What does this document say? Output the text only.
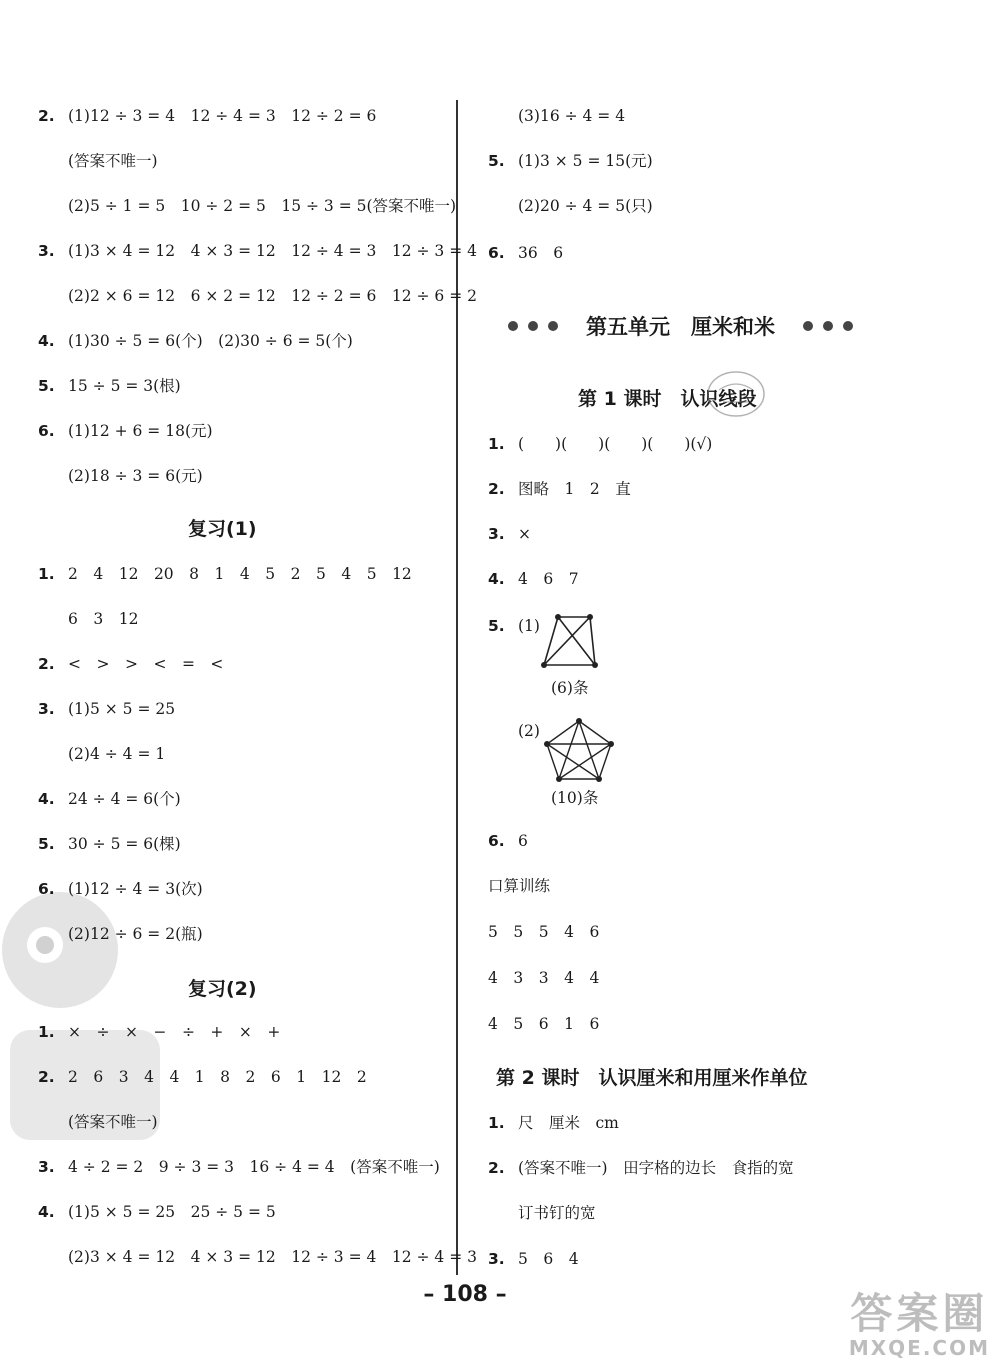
2. (1)12 ÷ 3 = 4　12 ÷ 4 = 3　12 ÷ 2 = 6
(答案不唯一)
(2)5 ÷ 1 = 5　10 ÷ 2 = 5　15 ÷ 3 = 5(答案不唯一)
3. (1)3 × 4 = 12　4 × 3 = 12　12 ÷ 4 = 3　12 ÷ 3 = 4
(2)2 × 6 = 12　6 × 2 = 12　12 ÷ 2 = 6　12 ÷ 6 = 2
4. (1)30 ÷ 5 = 6(个)　(2)30 ÷ 6 = 5(个)
5. 15 ÷ 5 = 3(根)
6. (1)12 + 6 = 18(元)
(2)18 ÷ 3 = 6(元)
复习(1)
1. 2　4　12　20　8　1　4　5　2　5　4　5　12
6　3　12
2. <　>　>　<　=　<
3. (1)5 × 5 = 25
(2)4 ÷ 4 = 1
4. 24 ÷ 4 = 6(个)
5. 30 ÷ 5 = 6(棵)
6. (1)12 ÷ 4 = 3(次)
(2)12 ÷ 6 = 2(瓶)
复习(2)
1. ×　÷　×　−　÷　+　×　+
2. 2　6　3　4　4　1　8　2　6　1　12　2
(答案不唯一)
3. 4 ÷ 2 = 2　9 ÷ 3 = 3　16 ÷ 4 = 4　(答案不唯一)
4. (1)5 × 5 = 25　25 ÷ 5 = 5
(2)3 × 4 = 12　4 × 3 = 12　12 ÷ 3 = 4　12 ÷ 4 = 3
(3)16 ÷ 4 = 4
5. (1)3 × 5 = 15(元)
(2)20 ÷ 4 = 5(只)
6. 36　6
第五单元　厘米和米
第 1 课时　认识线段
1. (　　)(　　)(　　)(　　)(√)
2. 图略　1　2　直
3. ×
4. 4　6　7
5. (1)
(6)条
(2)
(10)条
6. 6
口算训练
5　5　5　4　6
4　3　3　4　4
4　5　6　1　6
第 2 课时　认识厘米和用厘米作单位
1. 尺　厘米　cm
2. (答案不唯一)　田字格的边长　食指的宽
订书钉的宽
3. 5　6　4
– 108 –	答案圈
MXQE.COM
